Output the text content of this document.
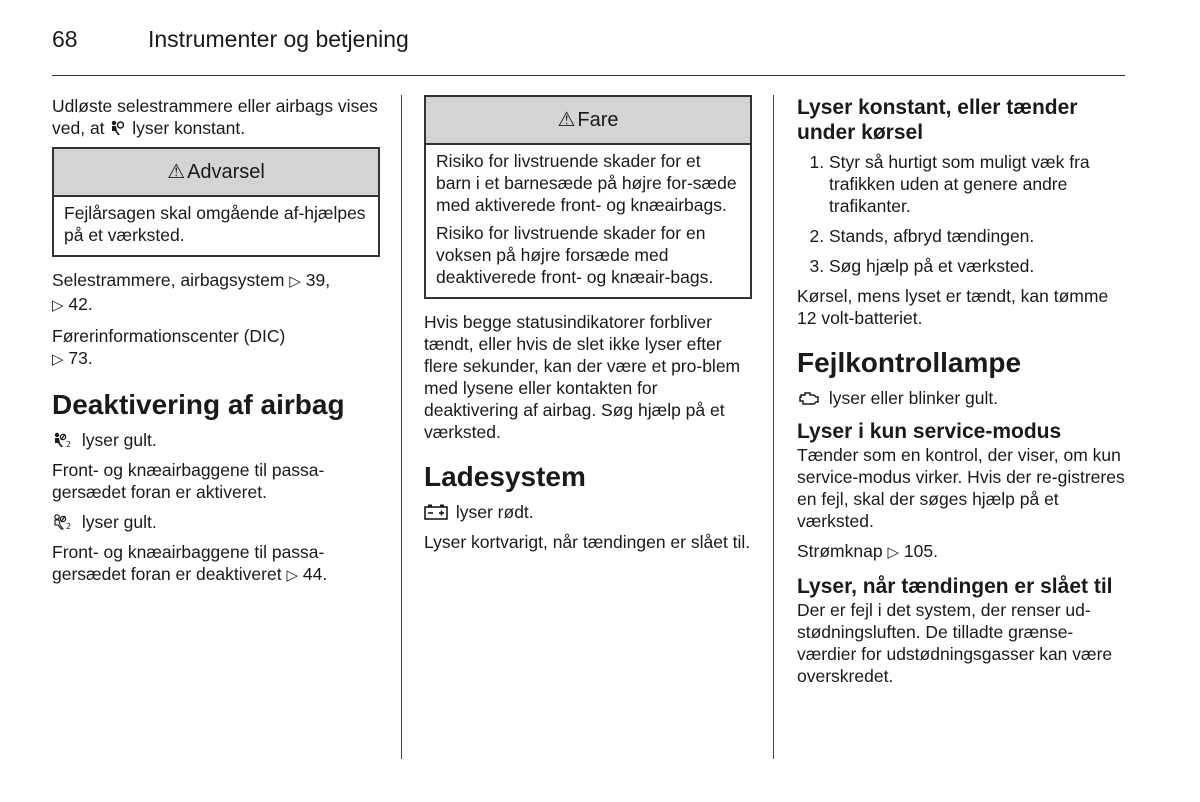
68	Instrumenter og betjening

Udløste selestrammere eller airbags vises ved, at  lyser konstant.

⚠ Advarsel

Fejlårsagen skal omgående af-hjælpes på et værksted.

Selestrammere, airbagsystem ▷ 39,
▷ 42.

Førerinformationscenter (DIC)
▷ 73.

Deaktivering af airbag

2 lyser gult.

Front- og knæairbaggene til passa-gersædet foran er aktiveret.

2 lyser gult.

Front- og knæairbaggene til passa-gersædet foran er deaktiveret ▷ 44.

⚠ Fare

Risiko for livstruende skader for et barn i et barnesæde på højre for-sæde med aktiverede front- og knæairbags.

Risiko for livstruende skader for en voksen på højre forsæde med deaktiverede front- og knæair-bags.

Hvis begge statusindikatorer forbliver tændt, eller hvis de slet ikke lyser efter flere sekunder, kan der være et pro-blem med lysene eller kontakten for deaktivering af airbag. Søg hjælp på et værksted.

Ladesystem

lyser rødt.

Lyser kortvarigt, når tændingen er slået til.

Lyser konstant, eller tænder under kørsel
1. Styr så hurtigt som muligt væk fra trafikken uden at genere andre trafikanter.
2. Stands, afbryd tændingen.
3. Søg hjælp på et værksted.

Kørsel, mens lyset er tændt, kan tømme 12 volt-batteriet.

Fejlkontrollampe

lyser eller blinker gult.

Lyser i kun service-modus

Tænder som en kontrol, der viser, om kun service-modus virker. Hvis der re-gistreres en fejl, skal der søges hjælp på et værksted.

Strømknap ▷ 105.

Lyser, når tændingen er slået til

Der er fejl i det system, der renser ud-stødningsluften. De tilladte grænse-værdier for udstødningsgasser kan være overskredet.
